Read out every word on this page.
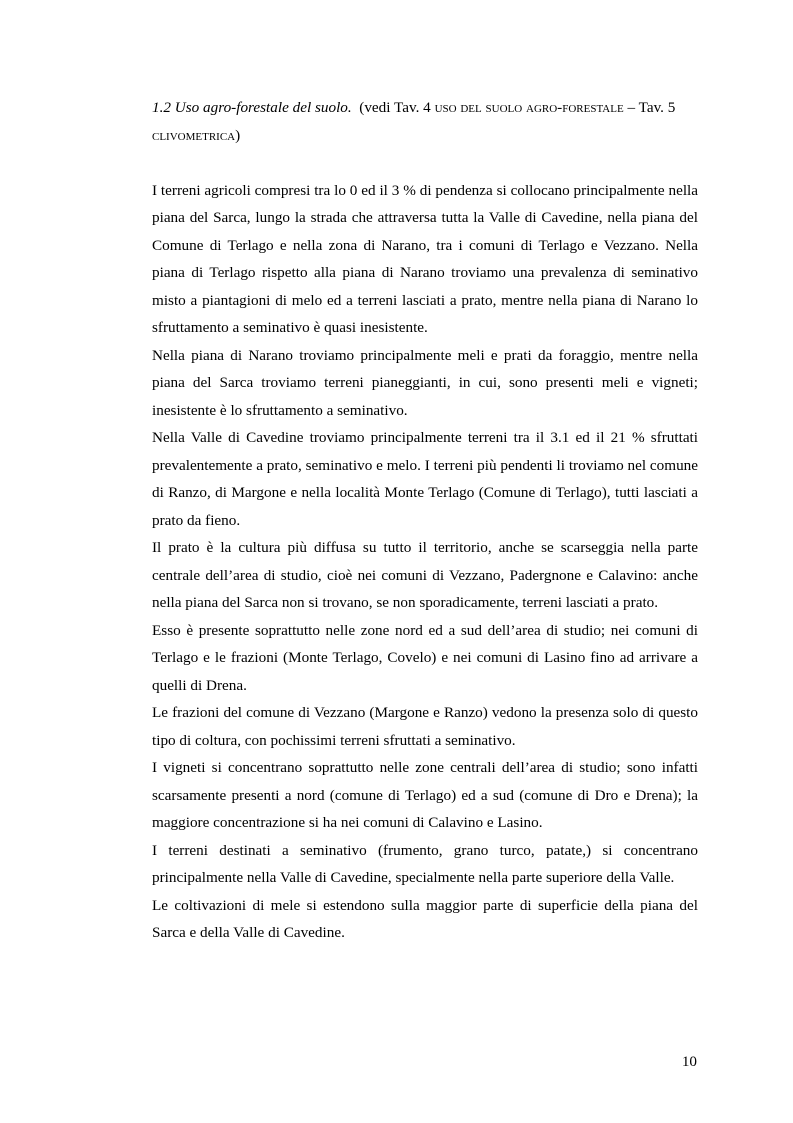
1.2 Uso agro-forestale del suolo. (vedi Tav. 4 uso del suolo agro-forestale – Tav. 5 clivometrica)

I terreni agricoli compresi tra lo 0 ed il 3 % di pendenza si collocano principalmente nella piana del Sarca, lungo la strada che attraversa tutta la Valle di Cavedine, nella piana del Comune di Terlago e nella zona di Narano, tra i comuni di Terlago e Vezzano. Nella piana di Terlago rispetto alla piana di Narano troviamo una prevalenza di seminativo misto a piantagioni di melo ed a terreni lasciati a prato, mentre nella piana di Narano lo sfruttamento a seminativo è quasi inesistente.

Nella piana di Narano troviamo principalmente meli e prati da foraggio, mentre nella piana del Sarca troviamo terreni pianeggianti, in cui, sono presenti meli e vigneti; inesistente è lo sfruttamento a seminativo.

Nella Valle di Cavedine troviamo principalmente terreni tra il 3.1 ed il 21 % sfruttati prevalentemente a prato, seminativo e melo. I terreni più pendenti li troviamo nel comune di Ranzo, di Margone e nella località Monte Terlago (Comune di Terlago), tutti lasciati a prato da fieno.

Il prato è la cultura più diffusa su tutto il territorio, anche se scarseggia nella parte centrale dell’area di studio, cioè nei comuni di Vezzano, Padergnone e Calavino: anche nella piana del Sarca non si trovano, se non sporadicamente, terreni lasciati a prato.

Esso è presente soprattutto nelle zone nord ed a sud dell’area di studio; nei comuni di Terlago e le frazioni (Monte Terlago, Covelo) e nei comuni di Lasino fino ad arrivare a quelli di Drena.

Le frazioni del comune di Vezzano (Margone e Ranzo) vedono la presenza solo di questo tipo di coltura, con pochissimi terreni sfruttati a seminativo.

I vigneti si concentrano soprattutto nelle zone centrali dell’area di studio; sono infatti scarsamente presenti a nord (comune di Terlago) ed a sud (comune di Dro e Drena); la maggiore concentrazione si ha nei comuni di Calavino e Lasino.

I terreni destinati a seminativo (frumento, grano turco, patate,) si concentrano principalmente nella Valle di Cavedine, specialmente nella parte superiore della Valle.

Le coltivazioni di mele si estendono sulla maggior parte di superficie della piana del Sarca e della Valle di Cavedine.

10
